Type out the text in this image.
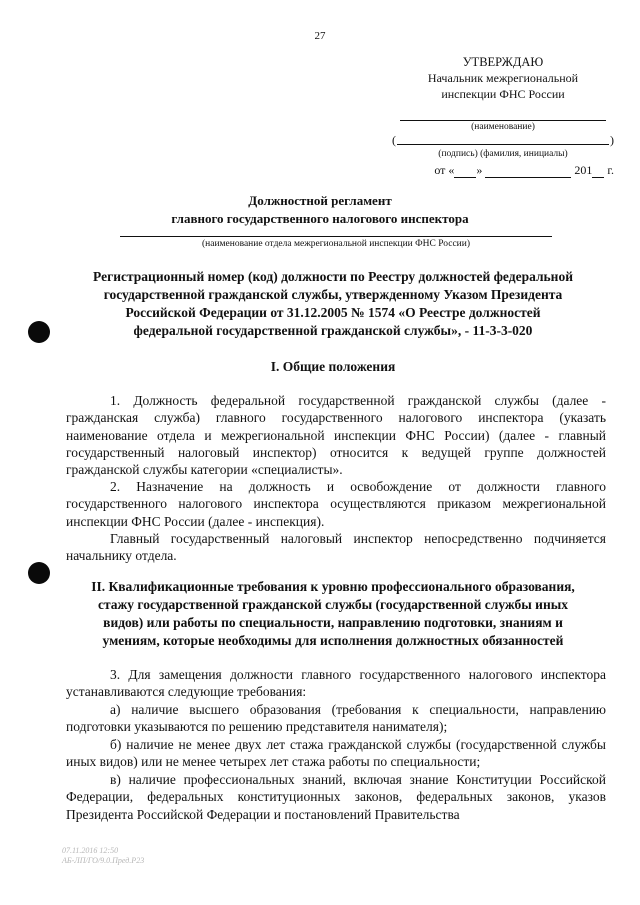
27
УТВЕРЖДАЮ
Начальник межрегиональной
инспекции ФНС России
(наименование)
(	)
(подпись) (фамилия, инициалы)
от « »	201 г.
Должностной регламент
главного государственного налогового инспектора
(наименование отдела межрегиональной инспекции ФНС России)
Регистрационный номер (код) должности по Реестру должностей федеральной
государственной гражданской службы, утвержденному Указом Президента
Российской Федерации от 31.12.2005 № 1574 «О Реестре должностей
федеральной государственной гражданской службы», - 11-3-3-020
I. Общие положения
1. Должность федеральной государственной гражданской службы (далее - гражданская служба) главного государственного налогового инспектора (указать наименование отдела и межрегиональной инспекции ФНС России) (далее - главный государственный налоговый инспектор) относится к ведущей группе должностей гражданской службы категории «специалисты».
2. Назначение на должность и освобождение от должности главного государственного налогового инспектора осуществляются приказом межрегиональной инспекции ФНС России (далее - инспекция).
Главный государственный налоговый инспектор непосредственно подчиняется начальнику отдела.
II. Квалификационные требования к уровню профессионального образования,
стажу государственной гражданской службы (государственной службы иных
видов) или работы по специальности, направлению подготовки, знаниям и
умениям, которые необходимы для исполнения должностных обязанностей
3. Для замещения должности главного государственного налогового инспектора устанавливаются следующие требования:
а) наличие высшего образования (требования к специальности, направлению подготовки указываются по решению представителя нанимателя);
б) наличие не менее двух лет стажа гражданской службы (государственной службы иных видов) или не менее четырех лет стажа работы по специальности;
в) наличие профессиональных знаний, включая знание Конституции Российской Федерации, федеральных конституционных законов, федеральных законов, указов Президента Российской Федерации и постановлений Правительства
07.11.2016 12:50
АБ-ЛП/ГО/9.0.Пред.Р23
